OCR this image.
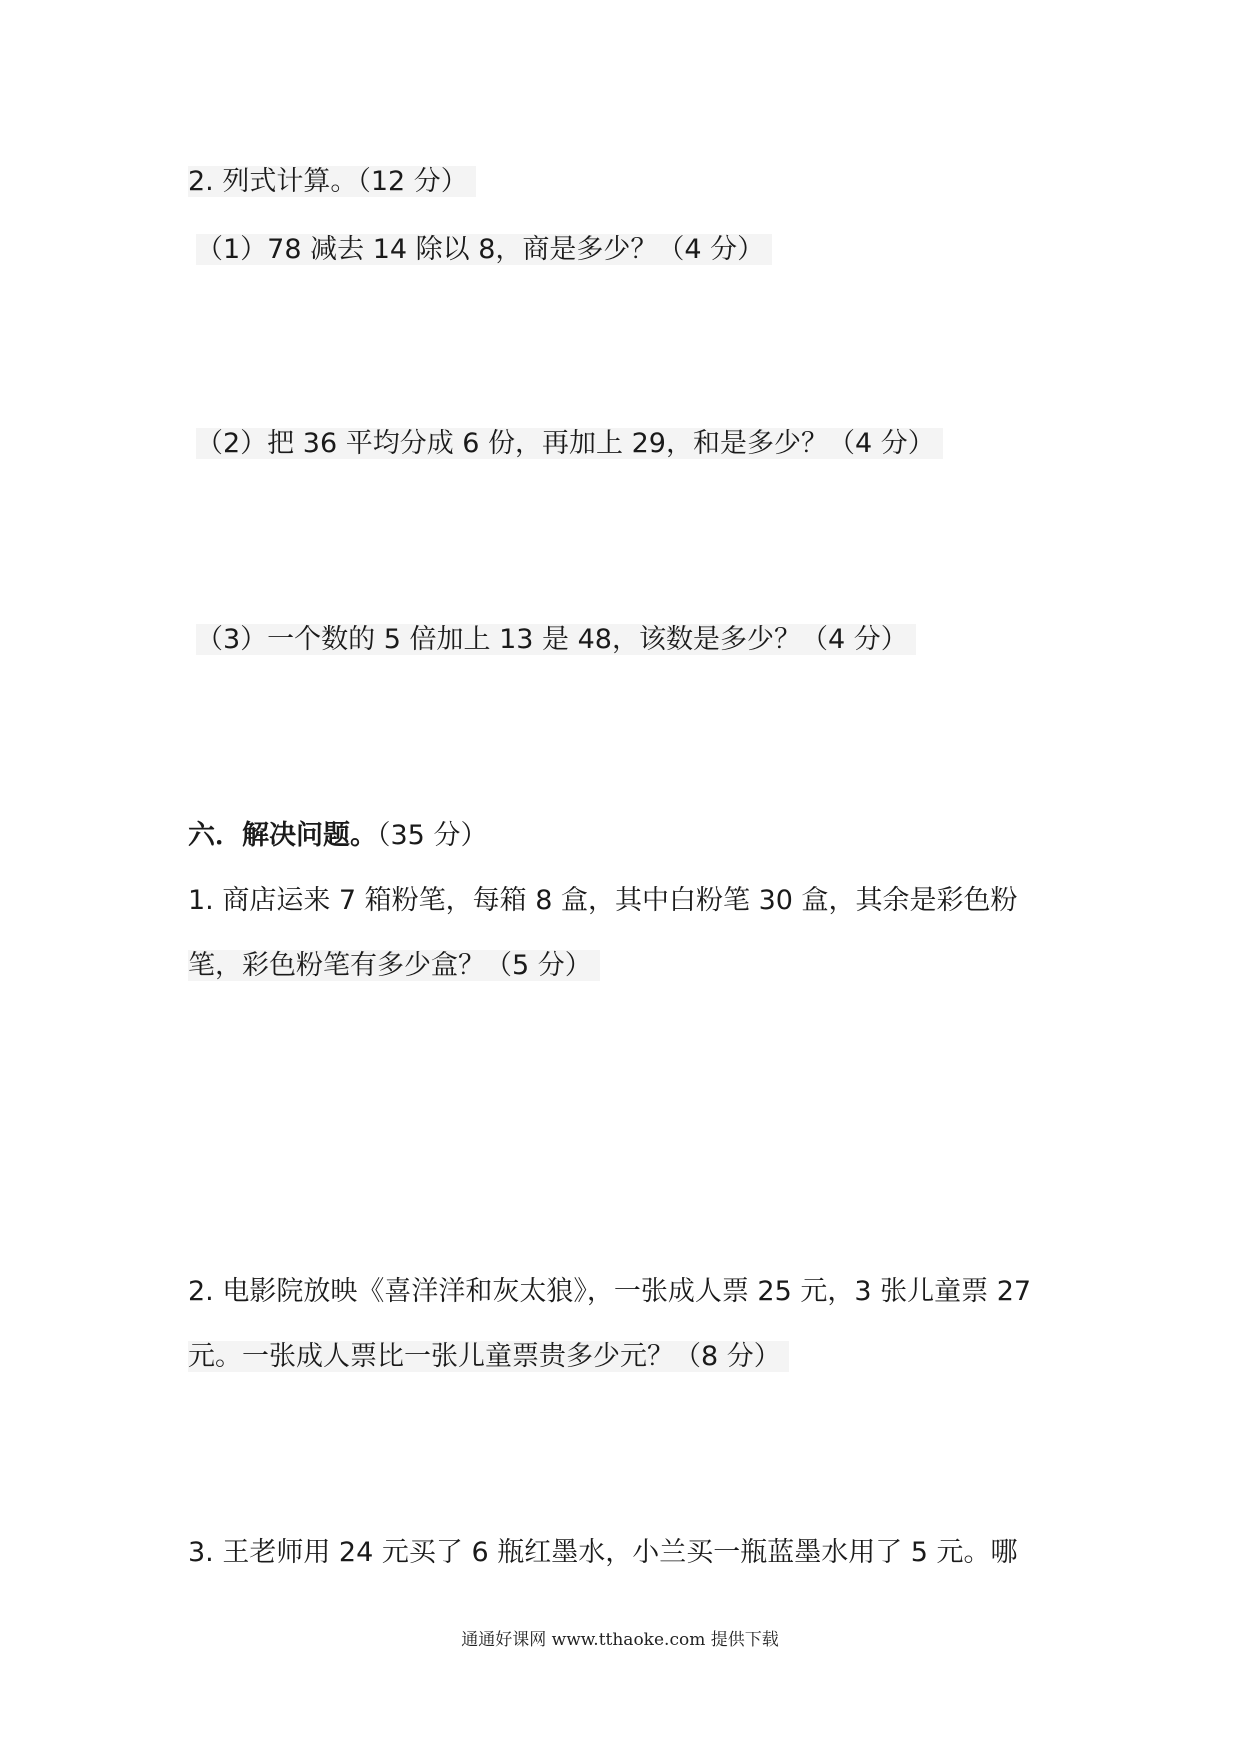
2. 列式计算。（12 分）
（1）78 减去 14 除以 8，商是多少？（4 分）
（2）把 36 平均分成 6 份，再加上 29，和是多少？（4 分）
（3）一个数的 5 倍加上 13 是 48，该数是多少？（4 分）
六．解决问题。（35 分）
1. 商店运来 7 箱粉笔，每箱 8 盒，其中白粉笔 30 盒，其余是彩色粉
笔，彩色粉笔有多少盒？（5 分）
2. 电影院放映《喜洋洋和灰太狼》，一张成人票 25 元，3 张儿童票 27
元。一张成人票比一张儿童票贵多少元？（8 分）
3. 王老师用 24 元买了 6 瓶红墨水，小兰买一瓶蓝墨水用了 5 元。哪
通通好课网 www.tthaoke.com 提供下载
